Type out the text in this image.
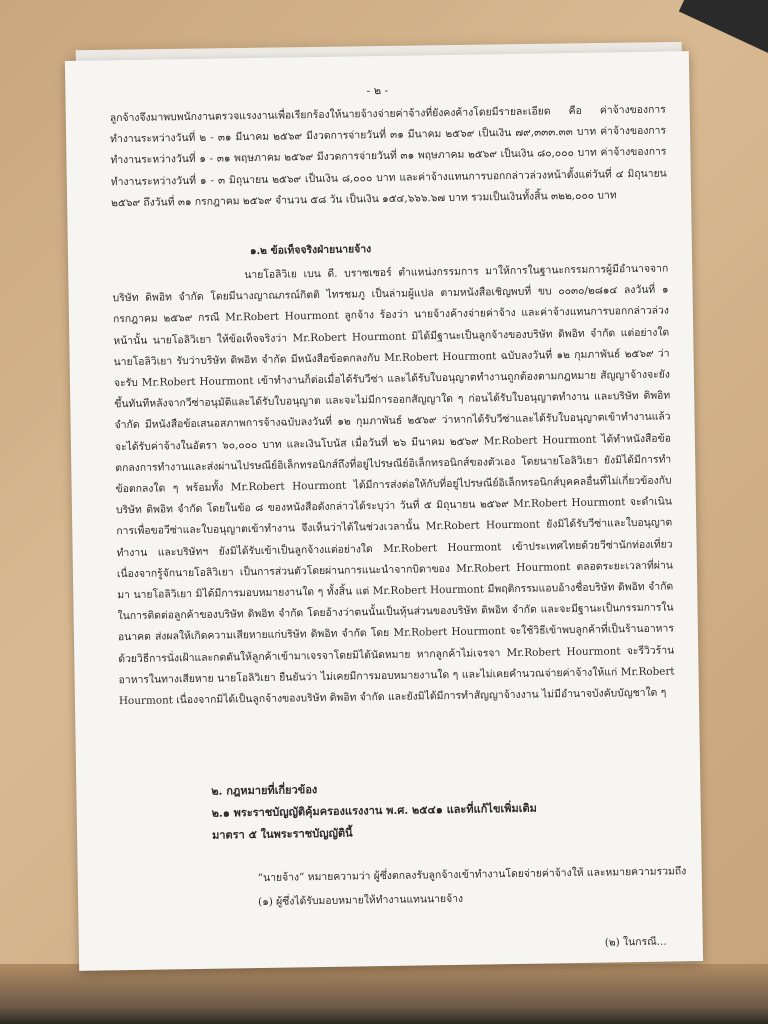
- ๒ -
ลูกจ้างจึงมาพบพนักงานตรวจแรงงานเพื่อเรียกร้องให้นายจ้างจ่ายค่าจ้างที่ยังคงค้างโดยมีรายละเอียด คือ ค่าจ้างของการทำงานระหว่างวันที่ ๒ - ๓๑ มีนาคม ๒๕๖๙ มีงวดการจ่ายวันที่ ๓๑ มีนาคม ๒๕๖๙ เป็นเงิน ๗๙,๓๓๓.๓๓ บาท ค่าจ้างของการทำงานระหว่างวันที่ ๑ - ๓๑ พฤษภาคม ๒๕๖๙ มีงวดการจ่ายวันที่ ๓๑ พฤษภาคม ๒๕๖๙ เป็นเงิน ๘๐,๐๐๐ บาท ค่าจ้างของการทำงานระหว่างวันที่ ๑ - ๓ มิถุนายน ๒๕๖๙ เป็นเงิน ๘,๐๐๐ บาท และค่าจ้างแทนการบอกกล่าวล่วงหน้าตั้งแต่วันที่ ๔ มิถุนายน ๒๕๖๙ ถึงวันที่ ๓๑ กรกฎาคม ๒๕๖๙ จำนวน ๕๘ วัน เป็นเงิน ๑๕๔,๖๖๖.๖๗ บาท รวมเป็นเงินทั้งสิ้น ๓๒๒,๐๐๐ บาท
๑.๒ ข้อเท็จจริงฝ่ายนายจ้าง
นายโอลิวิเย เบน ดี. บราซเซอร์ ตำแหน่งกรรมการ มาให้การในฐานะกรรมการผู้มีอำนาจจากบริษัท ดิพอิท จำกัด โดยมีนางญาณภรณ์กิตติ ไทรชมภู เป็นล่ามผู้แปล ตามหนังสือเชิญพบที่ ขบ ๐๐๓๐/๒๘๑๔ ลงวันที่ ๑ กรกฎาคม ๒๕๖๙ กรณี Mr.Robert Hourmont ลูกจ้าง ร้องว่า นายจ้างค้างจ่ายค่าจ้าง และค่าจ้างแทนการบอกกล่าวล่วงหน้านั้น นายโอลิวิเยา ให้ข้อเท็จจริงว่า Mr.Robert Hourmont มิได้มีฐานะเป็นลูกจ้างของบริษัท ดิพอิท จำกัด แต่อย่างใด นายโอลิวิเยา รับว่าบริษัท ดิพอิท จำกัด มีหนังสือข้อตกลงกับ Mr.Robert Hourmont ฉบับลงวันที่ ๑๒ กุมภาพันธ์ ๒๕๖๙ ว่าจะรับ Mr.Robert Hourmont เข้าทำงานก็ต่อเมื่อได้รับวีซ่า และได้รับใบอนุญาตทำงานถูกต้องตามกฎหมาย สัญญาจ้างจะยังขึ้นทันทีหลังจากวีซ่าอนุมัติและได้รับใบอนุญาต และจะไม่มีการออกสัญญาใด ๆ ก่อนได้รับใบอนุญาตทำงาน และบริษัท ดิพอิท จำกัด มีหนังสือข้อเสนอสภาพการจ้างฉบับลงวันที่ ๑๒ กุมภาพันธ์ ๒๕๖๙ ว่าหากได้รับวีซ่าและได้รับใบอนุญาตเข้าทำงานแล้ว จะได้รับค่าจ้างในอัตรา ๖๐,๐๐๐ บาท และเงินโบนัส เมื่อวันที่ ๒๖ มีนาคม ๒๕๖๙ Mr.Robert Hourmont ได้ทำหนังสือข้อตกลงการทำงานและส่งผ่านไปรษณีย์อิเล็กทรอนิกส์ถึงที่อยู่ไปรษณีย์อิเล็กทรอนิกส์ของตัวเอง โดยนายโอลิวิเยา ยังมิได้มีการทำข้อตกลงใด ๆ พร้อมทั้ง Mr.Robert Hourmont ได้มีการส่งต่อให้กับที่อยู่ไปรษณีย์อิเล็กทรอนิกส์บุคคลอื่นที่ไม่เกี่ยวข้องกับบริษัท ดิพอิท จำกัด โดยในข้อ ๘ ของหนังสือดังกล่าวได้ระบุว่า วันที่ ๕ มิถุนายน ๒๕๖๙ Mr.Robert Hourmont จะดำเนินการเพื่อขอวีซ่าและใบอนุญาตเข้าทำงาน จึงเห็นว่าได้ในช่วงเวลานั้น Mr.Robert Hourmont ยังมิได้รับวีซ่าและใบอนุญาตทำงาน และบริษัทฯ ยังมิได้รับเข้าเป็นลูกจ้างแต่อย่างใด Mr.Robert Hourmont เข้าประเทศไทยด้วยวีซ่านักท่องเที่ยว เนื่องจากรู้จักนายโอลิวิเยา เป็นการส่วนตัวโดยผ่านการแนะนำจากบิดาของ Mr.Robert Hourmont ตลอดระยะเวลาที่ผ่านมา นายโอลิวิเยา มิได้มีการมอบหมายงานใด ๆ ทั้งสิ้น แต่ Mr.Robert Hourmont มีพฤติกรรมแอบอ้างชื่อบริษัท ดิพอิท จำกัด ในการติดต่อลูกค้าของบริษัท ดิพอิท จำกัด โดยอ้างว่าตนนั้นเป็นหุ้นส่วนของบริษัท ดิพอิท จำกัด และจะมีฐานะเป็นกรรมการในอนาคต ส่งผลให้เกิดความเสียหายแก่บริษัท ดิพอิท จำกัด โดย Mr.Robert Hourmont จะใช้วิธีเข้าพบลูกค้าที่เป็นร้านอาหารด้วยวิธีการนั่งเฝ้าและกดดันให้ลูกค้าเข้ามาเจรจาโดยมิได้นัดหมาย หากลูกค้าไม่เจรจา Mr.Robert Hourmont จะรีวิวร้านอาหารในทางเสียหาย นายโอลิวิเยา ยืนยันว่า ไม่เคยมีการมอบหมายงานใด ๆ และไม่เคยคำนวณจ่ายค่าจ้างให้แก่ Mr.Robert Hourmont เนื่องจากมิได้เป็นลูกจ้างของบริษัท ดิพอิท จำกัด และยังมิได้มีการทำสัญญาจ้างงาน ไม่มีอำนาจบังคับบัญชาใด ๆ
๒. กฎหมายที่เกี่ยวข้อง
๒.๑ พระราชบัญญัติคุ้มครองแรงงาน พ.ศ. ๒๕๔๑ และที่แก้ไขเพิ่มเติม
มาตรา ๕ ในพระราชบัญญัตินี้
“นายจ้าง” หมายความว่า ผู้ซึ่งตกลงรับลูกจ้างเข้าทำงานโดยจ่ายค่าจ้างให้ และหมายความรวมถึง
(๑) ผู้ซึ่งได้รับมอบหมายให้ทำงานแทนนายจ้าง
(๒) ในกรณี...
